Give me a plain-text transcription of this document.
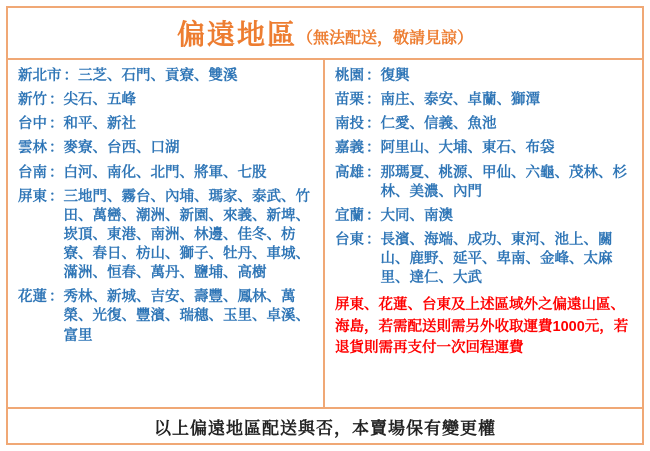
偏遠地區 （無法配送，敬請見諒）
新北市 ： 三芝、石門、貢寮、雙溪
新竹 ： 尖石、五峰
台中 ： 和平、新社
雲林 ： 麥寮、台西、口湖
台南 ： 白河、南化、北門、將軍、七股
屏東 ： 三地門、霧台、內埔、瑪家、泰武、竹田、萬巒、潮洲、新園、來義、新埤、崁頂、東港、南洲、林邊、佳冬、枋寮、春日、枋山、獅子、牡丹、車城、滿洲、恒春、萬丹、鹽埔、高樹
花蓮 ： 秀林、新城、吉安、壽豐、鳳林、萬榮、光復、豐濱、瑞穗、玉里、卓溪、富里
桃園 ： 復興
苗栗 ： 南庄、泰安、卓蘭、獅潭
南投 ： 仁愛、信義、魚池
嘉義 ： 阿里山、大埔、東石、布袋
高雄 ： 那瑪夏、桃源、甲仙、六龜、茂林、杉林、美濃、內門
宜蘭 ： 大同、南澳
台東 ： 長濱、海端、成功、東河、池上、關山、鹿野、延平、卑南、金峰、太麻里、達仁、大武
屏東、花蓮、台東及上述區域外之偏遠山區、海島，若需配送則需另外收取運費1000元，若退貨則需再支付一次回程運費
以上偏遠地區配送與否，本賣場保有變更權
